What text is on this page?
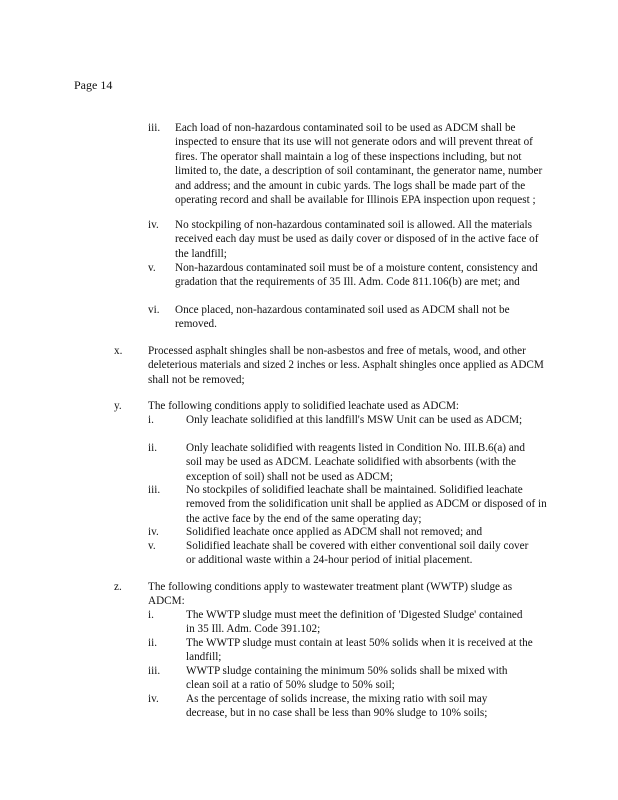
Page 14
iii. Each load of non-hazardous contaminated soil to be used as ADCM shall be inspected to ensure that its use will not generate odors and will prevent threat of fires. The operator shall maintain a log of these inspections including, but not limited to, the date, a description of soil contaminant, the generator name, number and address; and the amount in cubic yards. The logs shall be made part of the operating record and shall be available for Illinois EPA inspection upon request ;
iv. No stockpiling of non-hazardous contaminated soil is allowed. All the materials received each day must be used as daily cover or disposed of in the active face of the landfill;
v. Non-hazardous contaminated soil must be of a moisture content, consistency and gradation that the requirements of 35 Ill. Adm. Code 811.106(b) are met; and
vi. Once placed, non-hazardous contaminated soil used as ADCM shall not be removed.
x. Processed asphalt shingles shall be non-asbestos and free of metals, wood, and other deleterious materials and sized 2 inches or less. Asphalt shingles once applied as ADCM shall not be removed;
y. The following conditions apply to solidified leachate used as ADCM:
i.	Only leachate solidified at this landfill's MSW Unit can be used as ADCM;
ii.	Only leachate solidified with reagents listed in Condition No. III.B.6(a) and soil may be used as ADCM. Leachate solidified with absorbents (with the exception of soil) shall not be used as ADCM;
iii. No stockpiles of solidified leachate shall be maintained. Solidified leachate removed from the solidification unit shall be applied as ADCM or disposed of in the active face by the end of the same operating day;
iv. Solidified leachate once applied as ADCM shall not removed; and
v.	Solidified leachate shall be covered with either conventional soil daily cover or additional waste within a 24-hour period of initial placement.
z. The following conditions apply to wastewater treatment plant (WWTP) sludge as ADCM:
i.	The WWTP sludge must meet the definition of 'Digested Sludge' contained in 35 Ill. Adm. Code 391.102;
ii.	The WWTP sludge must contain at least 50% solids when it is received at the landfill;
iii. WWTP sludge containing the minimum 50% solids shall be mixed with clean soil at a ratio of 50% sludge to 50% soil;
iv. As the percentage of solids increase, the mixing ratio with soil may decrease, but in no case shall be less than 90% sludge to 10% soils;
